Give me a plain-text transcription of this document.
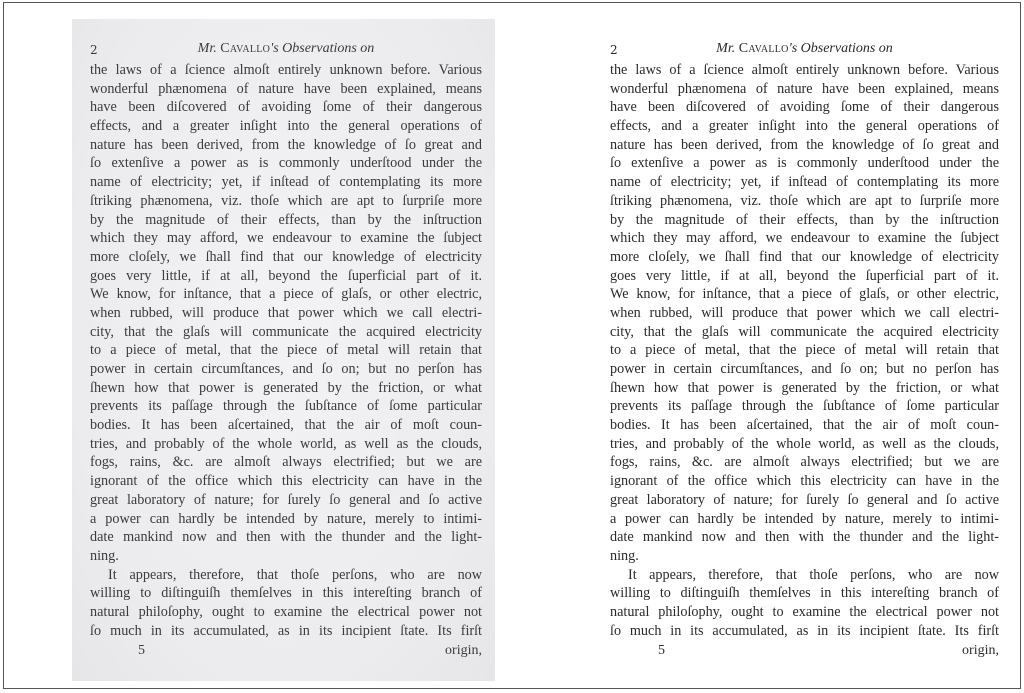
2	Mr. Cavallo's Observations on
the laws of a ſcience almoſt entirely unknown before. Various
wonderful phænomena of nature have been explained, means
have been diſcovered of avoiding ſome of their dangerous
effects, and a greater inſight into the general operations of
nature has been derived, from the knowledge of ſo great and
ſo extenſive a power as is commonly underſtood under the
name of electricity; yet, if inſtead of contemplating its more
ſtriking phænomena, viz. thoſe which are apt to ſurpriſe more
by the magnitude of their effects, than by the inſtruction
which they may afford, we endeavour to examine the ſubject
more cloſely, we ſhall find that our knowledge of electricity
goes very little, if at all, beyond the ſuperficial part of it.
We know, for inſtance, that a piece of glaſs, or other electric,
when rubbed, will produce that power which we call electri-
city, that the glaſs will communicate the acquired electricity
to a piece of metal, that the piece of metal will retain that
power in certain circumſtances, and ſo on; but no perſon has
ſhewn how that power is generated by the friction, or what
prevents its paſſage through the ſubſtance of ſome particular
bodies. It has been aſcertained, that the air of moſt coun-
tries, and probably of the whole world, as well as the clouds,
fogs, rains, &c. are almoſt always electrified; but we are
ignorant of the office which this electricity can have in the
great laboratory of nature; for ſurely ſo general and ſo active
a power can hardly be intended by nature, merely to intimi-
date mankind now and then with the thunder and the light-
ning.
It appears, therefore, that thoſe perſons, who are now
willing to diſtinguiſh themſelves in this intereſting branch of
natural philoſophy, ought to examine the electrical power not
ſo much in its accumulated, as in its incipient ſtate. Its firſt
5	origin,
2	Mr. Cavallo's Observations on
the laws of a ſcience almoſt entirely unknown before. Various
wonderful phænomena of nature have been explained, means
have been diſcovered of avoiding ſome of their dangerous
effects, and a greater inſight into the general operations of
nature has been derived, from the knowledge of ſo great and
ſo extenſive a power as is commonly underſtood under the
name of electricity; yet, if inſtead of contemplating its more
ſtriking phænomena, viz. thoſe which are apt to ſurpriſe more
by the magnitude of their effects, than by the inſtruction
which they may afford, we endeavour to examine the ſubject
more cloſely, we ſhall find that our knowledge of electricity
goes very little, if at all, beyond the ſuperficial part of it.
We know, for inſtance, that a piece of glaſs, or other electric,
when rubbed, will produce that power which we call electri-
city, that the glaſs will communicate the acquired electricity
to a piece of metal, that the piece of metal will retain that
power in certain circumſtances, and ſo on; but no perſon has
ſhewn how that power is generated by the friction, or what
prevents its paſſage through the ſubſtance of ſome particular
bodies. It has been aſcertained, that the air of moſt coun-
tries, and probably of the whole world, as well as the clouds,
fogs, rains, &c. are almoſt always electrified; but we are
ignorant of the office which this electricity can have in the
great laboratory of nature; for ſurely ſo general and ſo active
a power can hardly be intended by nature, merely to intimi-
date mankind now and then with the thunder and the light-
ning.
It appears, therefore, that thoſe perſons, who are now
willing to diſtinguiſh themſelves in this intereſting branch of
natural philoſophy, ought to examine the electrical power not
ſo much in its accumulated, as in its incipient ſtate. Its firſt
5	origin,
